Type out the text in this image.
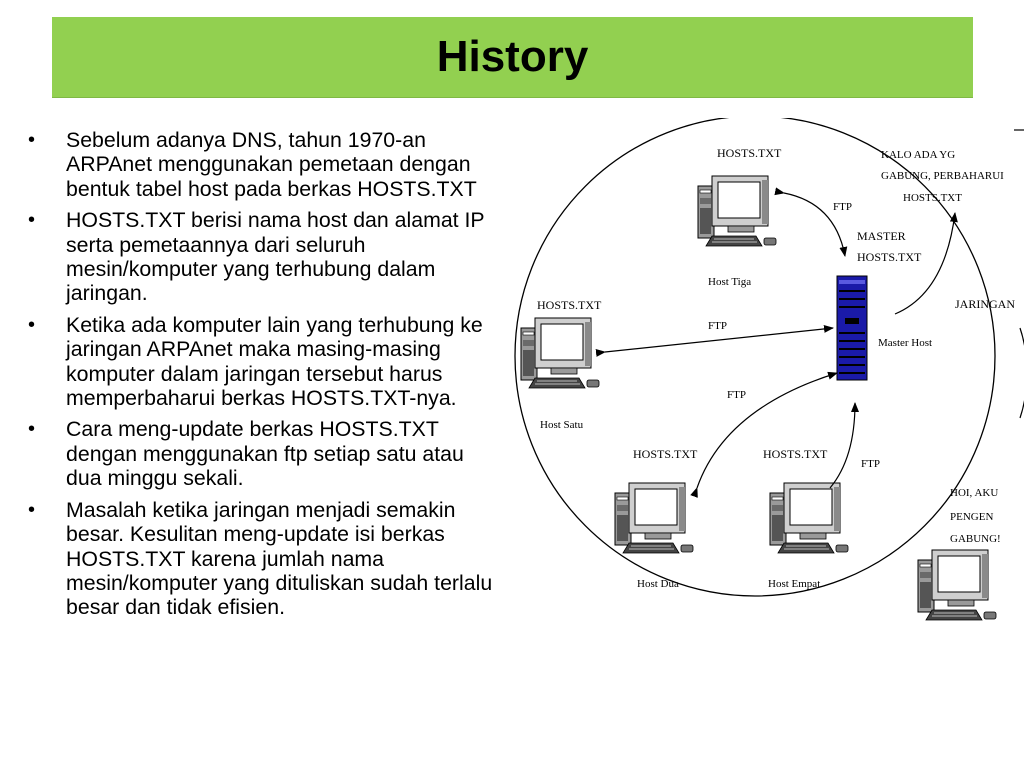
History
• Sebelum adanya DNS, tahun 1970-an ARPAnet menggunakan pemetaan dengan bentuk tabel host pada berkas HOSTS.TXT
• HOSTS.TXT berisi nama host dan alamat IP serta pemetaannya dari seluruh mesin/komputer yang terhubung dalam jaringan.
• Ketika ada komputer lain yang terhubung ke jaringan ARPAnet maka masing-masing komputer dalam jaringan tersebut harus memperbaharui berkas HOSTS.TXT-nya.
• Cara meng-update berkas HOSTS.TXT dengan menggunakan ftp setiap satu atau dua minggu sekali.
• Masalah ketika jaringan menjadi semakin besar. Kesulitan meng-update isi berkas HOSTS.TXT karena jumlah nama mesin/komputer yang dituliskan sudah terlalu besar dan tidak efisien.
HOSTS.TXT
Host Tiga
HOSTS.TXT
Host Satu
HOSTS.TXT
Host Dua
HOSTS.TXT
Host Empat
MASTER
HOSTS.TXT
Master Host
FTP
FTP
FTP
FTP
KALO ADA YG
GABUNG, PERBAHARUI
HOSTS.TXT
JARINGAN
HOI, AKU
PENGEN
GABUNG!
